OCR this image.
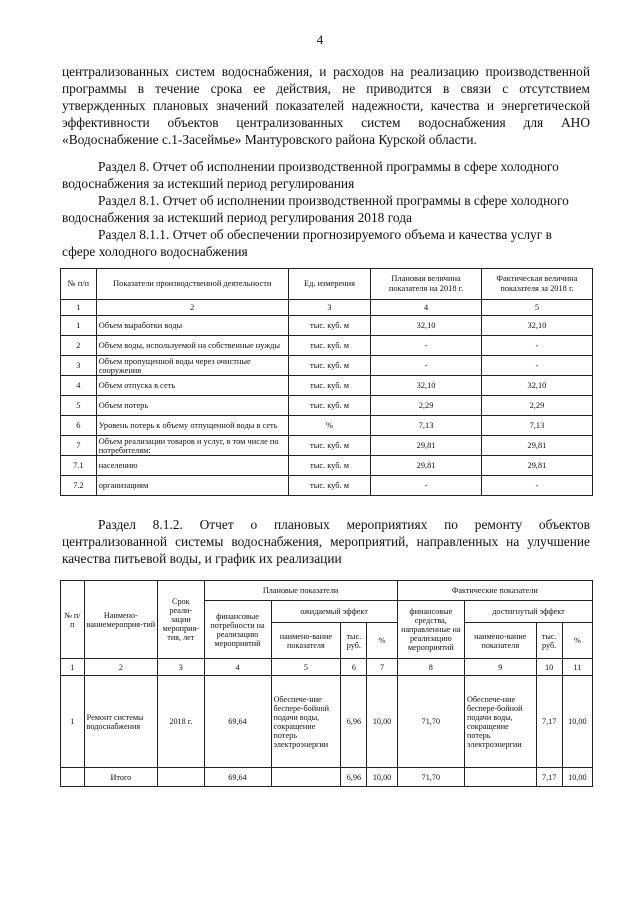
4

централизованных систем водоснабжения, и расходов на реализацию производственной

программы в течение срока ее действия, не приводится в связи с отсутствием

утвержденных плановых значений показателей надежности, качества и энергетической

эффективности объектов централизованных систем водоснабжения для АНО

«Водоснабжение с.1-Засеймье» Мантуровского района Курской области.

Раздел 8. Отчет об исполнении производственной программы в сфере холодного

водоснабжения за истекший период регулирования

Раздел 8.1. Отчет об исполнении производственной программы в сфере холодного

водоснабжения за истекший период регулирования 2018 года

Раздел 8.1.1. Отчет об обеспечении прогнозируемого объема и качества услуг в

сфере холодного водоснабжения

№ п/п	Показатели производственной деятельности	Ед. измерения	Плановая величина показателя на 2018 г.	Фактическая величина показателя за 2018 г.
1	2	3	4	5
1	Объем выработки воды	тыс. куб. м	32,10	32,10
2	Объем воды, используемой на собственные нужды	тыс. куб. м	-	-
3	Объем пропущенной воды через очистные сооружения	тыс. куб. м	-	-
4	Объем отпуска в сеть	тыс. куб. м	32,10	32,10
5	Объем потерь	тыс. куб. м	2,29	2,29
6	Уровень потерь к объему отпущенной воды в сеть	%	7,13	7,13
7	Объем реализации товаров и услуг, в том числе по потребителям:	тыс. куб. м	29,81	29,81
7.1	населению	тыс. куб. м	29,81	29,81
7.2	организациям	тыс. куб. м	-	-

Раздел 8.1.2. Отчет о плановых мероприятиях по ремонту объектов

централизованной системы водоснабжения, мероприятий, направленных на улучшение

качества питьевой воды, и график их реализации

№ п/п	Наимено-ваниемероприя-тий	Срок реали-зации мероприя-тия, лет	Плановые показатели				Фактические показатели			
			финансовые потребности на реализацию мероприятий	ожидаемый эффект			финансовые средства, направленные на реализацию мероприятий	достигнутый эффект		
				наимено-вание показателя	тыс. руб.	%		наимено-вание показателя	тыс. руб.	%
1	2	3	4	5	6	7	8	9	10	11
1	Ремонт системы водоснабжения	2018 г.	69,64	Обеспече-ние беспере-бойной подачи воды, сокращение потерь электроэнергии	6,96	10,00	71,70	Обеспече-ние беспере-бойной подачи воды, сокращение потерь электроэнергии	7,17	10,00
	Итого		69,64		6,96	10,00	71,70		7,17	10,00
